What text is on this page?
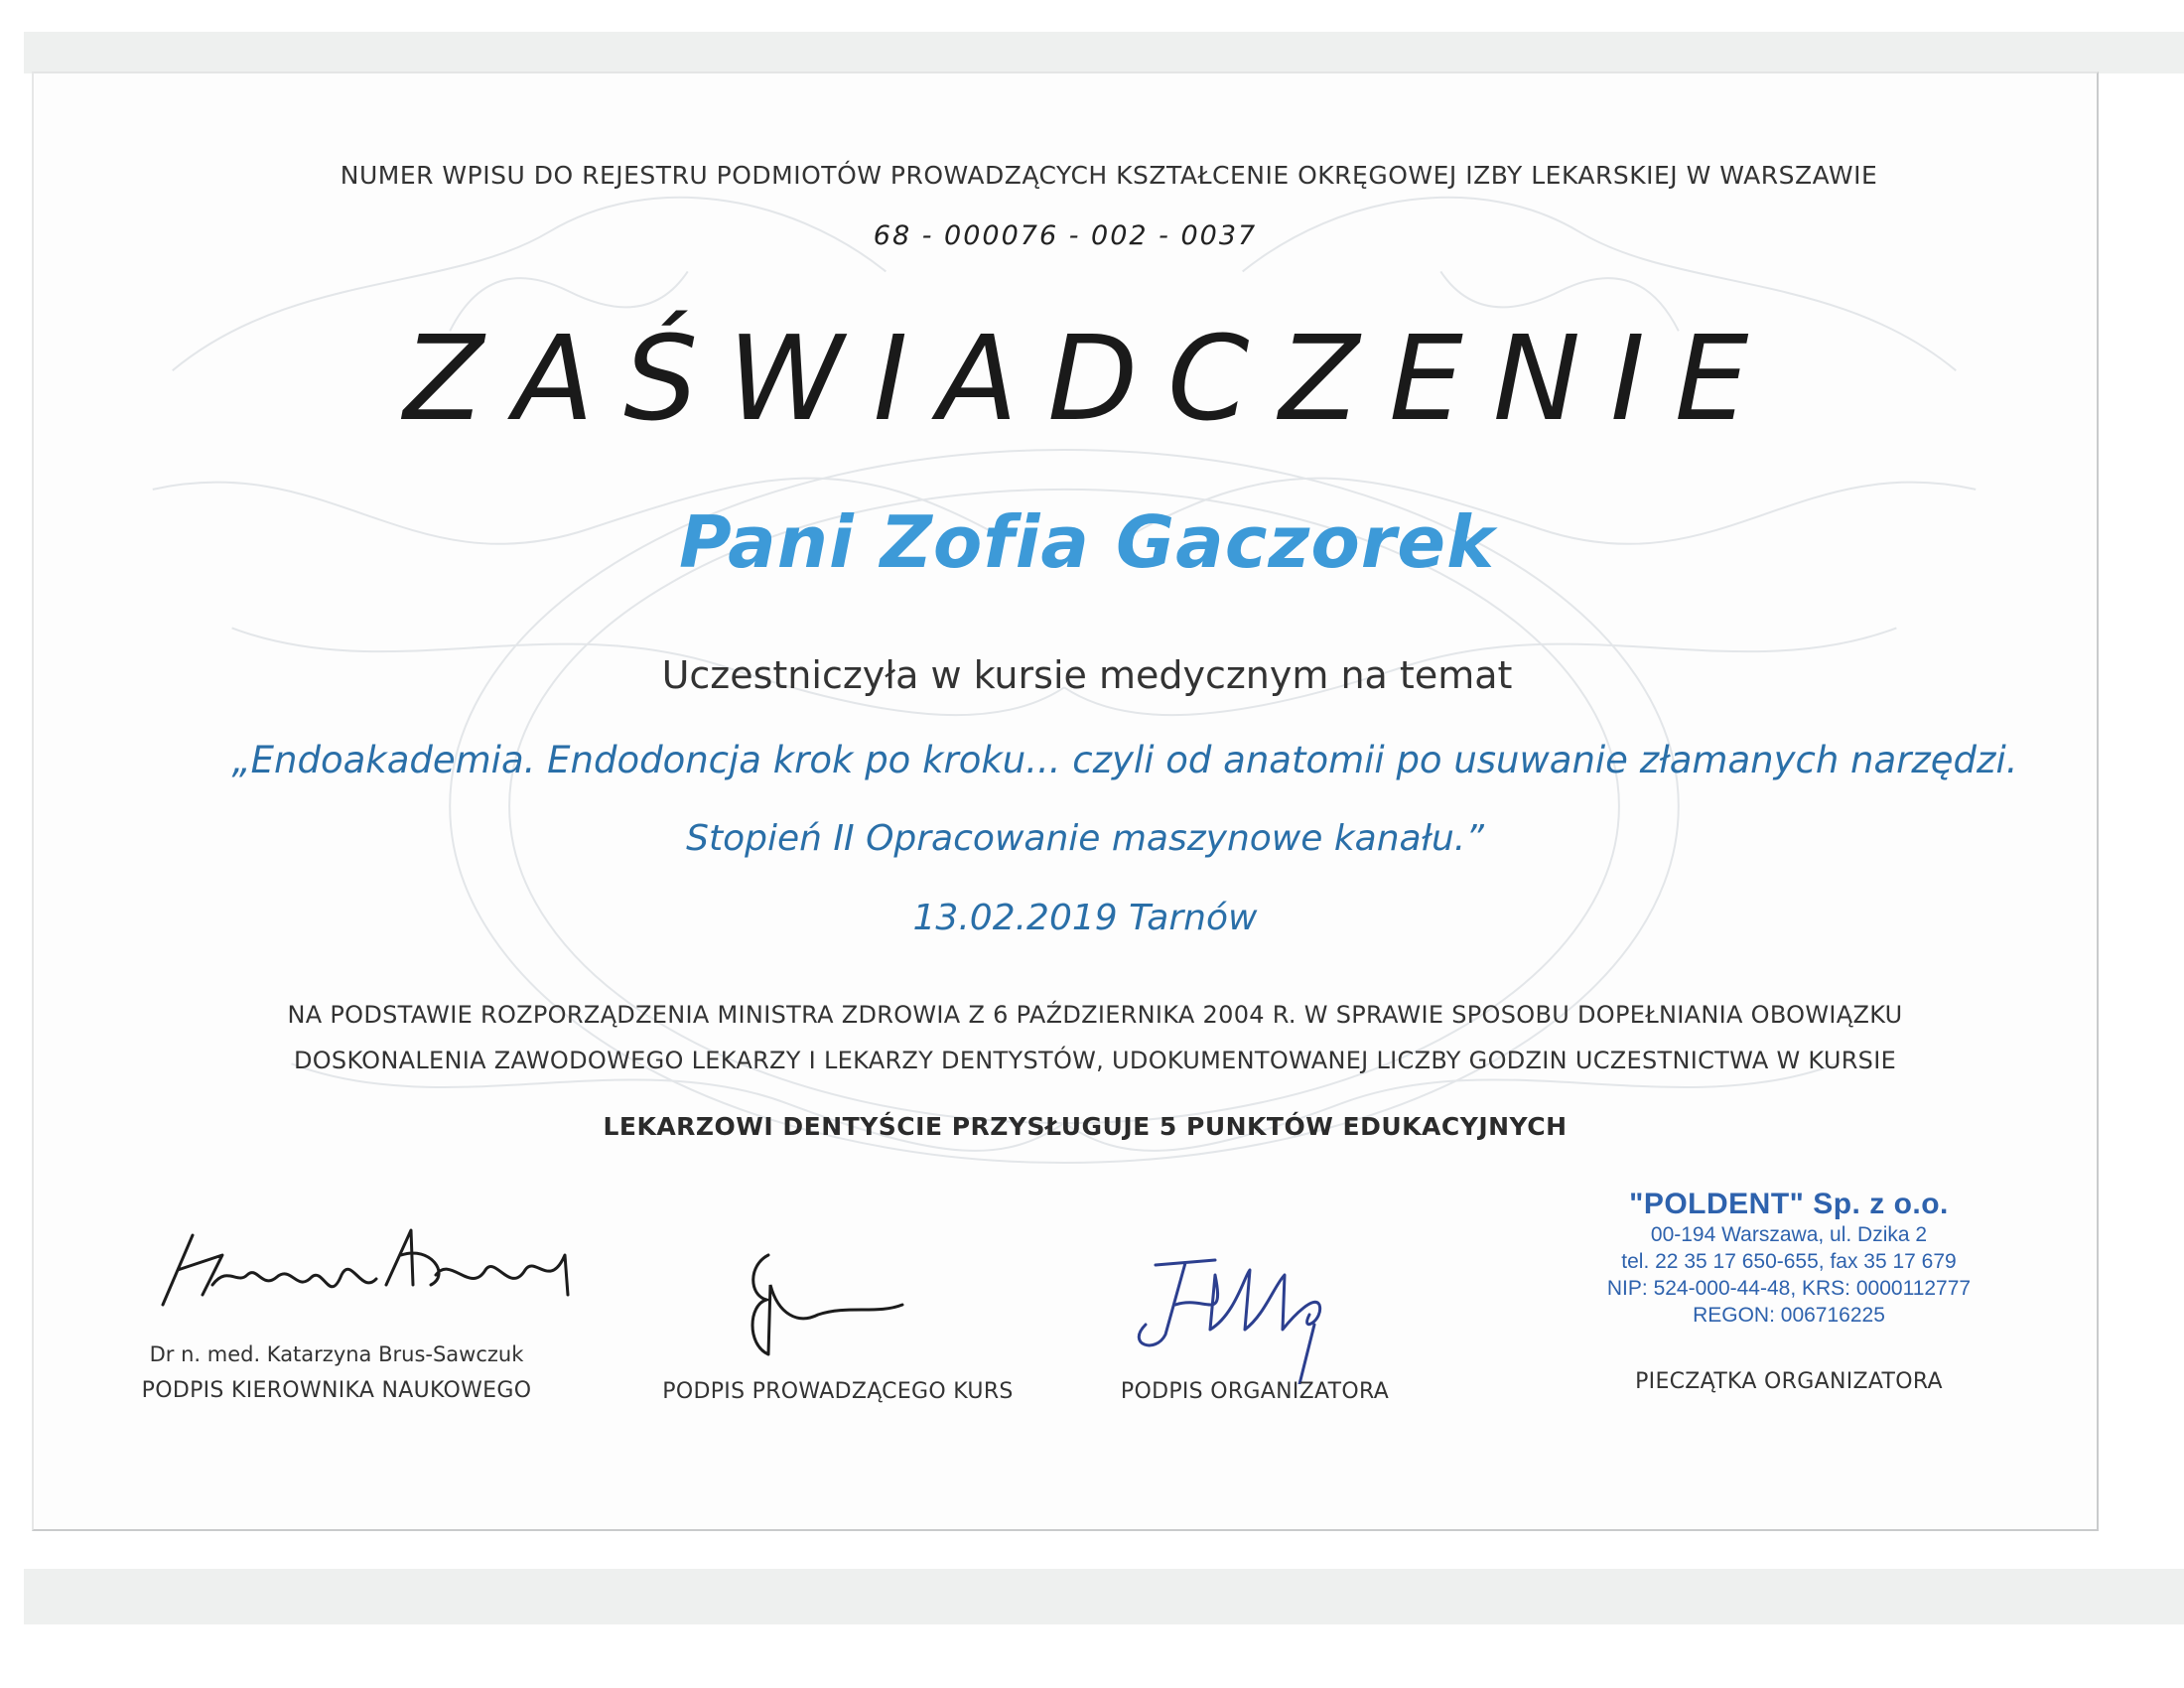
NUMER WPISU DO REJESTRU PODMIOTÓW PROWADZĄCYCH KSZTAŁCENIE OKRĘGOWEJ IZBY LEKARSKIEJ W WARSZAWIE
68 - 000076 - 002 - 0037
ZAŚWIADCZENIE
Pani Zofia Gaczorek
Uczestniczyła w kursie medycznym na temat
„Endoakademia. Endodoncja krok po kroku... czyli od anatomii po usuwanie złamanych narzędzi.
Stopień II Opracowanie maszynowe kanału.”
13.02.2019 Tarnów
NA PODSTAWIE ROZPORZĄDZENIA MINISTRA ZDROWIA Z 6 PAŹDZIERNIKA 2004 R. W SPRAWIE SPOSOBU DOPEŁNIANIA OBOWIĄZKU
DOSKONALENIA ZAWODOWEGO LEKARZY I LEKARZY DENTYSTÓW, UDOKUMENTOWANEJ LICZBY GODZIN UCZESTNICTWA W KURSIE
LEKARZOWI DENTYŚCIE PRZYSŁUGUJE 5 PUNKTÓW EDUKACYJNYCH
Dr n. med. Katarzyna Brus-Sawczuk
PODPIS KIEROWNIKA NAUKOWEGO	PODPIS PROWADZĄCEGO KURS	PODPIS ORGANIZATORA
"POLDENT" Sp. z o.o.
00-194 Warszawa, ul. Dzika 2
tel. 22 35 17 650-655, fax 35 17 679
NIP: 524-000-44-48, KRS: 0000112777
REGON: 006716225
PIECZĄTKA ORGANIZATORA
